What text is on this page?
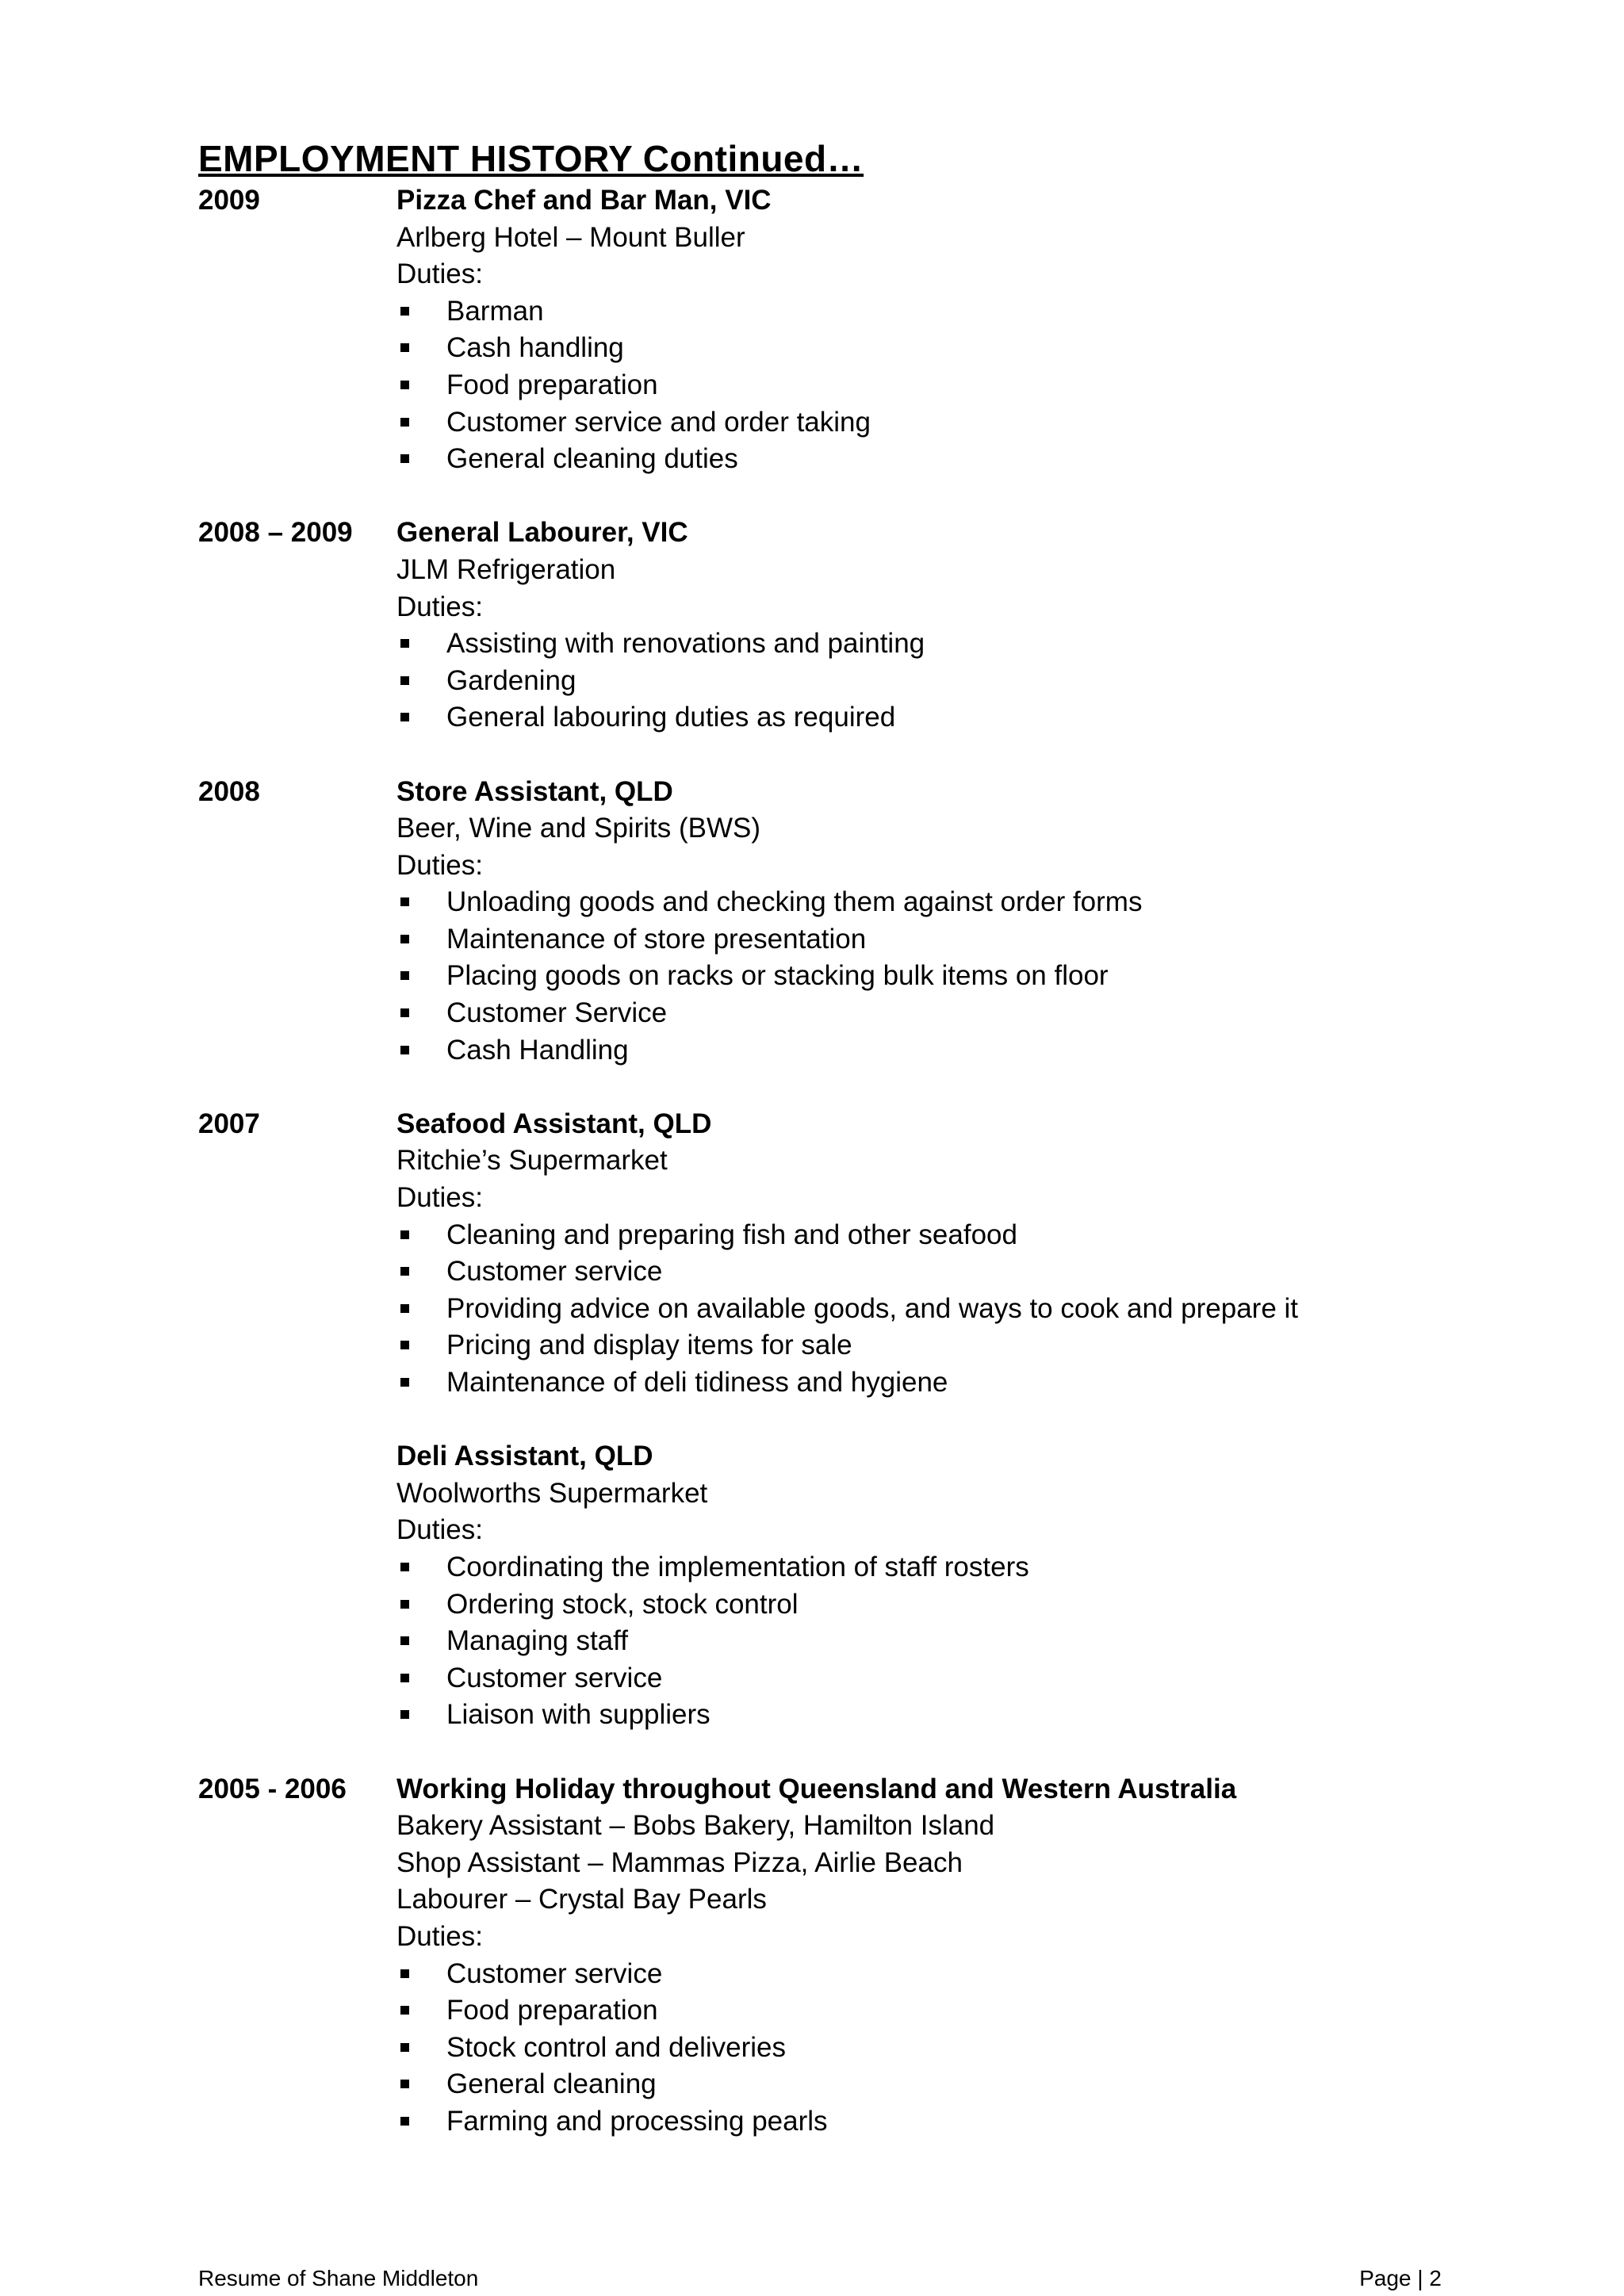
EMPLOYMENT HISTORY Continued…
2009	Pizza Chef and Bar Man, VIC
Arlberg Hotel – Mount Buller
Duties:
Barman
Cash handling
Food preparation
Customer service and order taking
General cleaning duties
2008 – 2009 General Labourer, VIC
JLM Refrigeration
Duties:
Assisting with renovations and painting
Gardening
General labouring duties as required
2008	Store Assistant, QLD
Beer, Wine and Spirits (BWS)
Duties:
Unloading goods and checking them against order forms
Maintenance of store presentation
Placing goods on racks or stacking bulk items on floor
Customer Service
Cash Handling
2007	Seafood Assistant, QLD
Ritchie’s Supermarket
Duties:
Cleaning and preparing fish and other seafood
Customer service
Providing advice on available goods, and ways to cook and prepare it
Pricing and display items for sale
Maintenance of deli tidiness and hygiene
Deli Assistant, QLD
Woolworths Supermarket
Duties:
Coordinating the implementation of staff rosters
Ordering stock, stock control
Managing staff
Customer service
Liaison with suppliers
2005 - 2006 Working Holiday throughout Queensland and Western Australia
Bakery Assistant – Bobs Bakery, Hamilton Island
Shop Assistant – Mammas Pizza, Airlie Beach
Labourer – Crystal Bay Pearls
Duties:
Customer service
Food preparation
Stock control and deliveries
General cleaning
Farming and processing pearls
Resume of Shane Middleton	Page | 2
